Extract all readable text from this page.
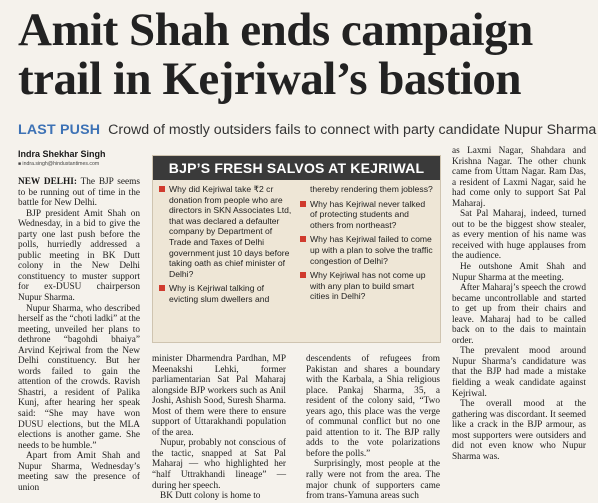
Amit Shah ends campaign trail in Kejriwal’s bastion
LAST PUSH Crowd of mostly outsiders fails to connect with party candidate Nupur Sharma
Indra Shekhar Singh
■ indra.singh@hindustantimes.com

NEW DELHI: The BJP seems to be running out of time in the battle for New Delhi.

BJP president Amit Shah on Wednesday, in a bid to give the party one last push before the polls, hurriedly addressed a public meeting in BK Dutt colony in the New Delhi constituency to muster support for ex-DUSU chairperson Nupur Sharma.

Nupur Sharma, who described herself as the “choti ladki” at the meeting, unveiled her plans to dethrone “bagohdi bhaiya” Arvind Kejriwal from the New Delhi constituency. But her words failed to gain the attention of the crowds. Ravish Shastri, a resident of Palika Kunj, after hearing her speak said: “She may have won DUSU elections, but the MLA elections is another game. She needs to be humble.”

Apart from Amit Shah and Nupur Sharma, Wednesday’s meeting saw the presence of union

BJP’S FRESH SALVOS AT KEJRIWAL
Why did Kejriwal take ₹2 cr donation from people who are directors in SKN Associates Ltd, that was declared a defaulter company by Department of Trade and Taxes of Delhi government just 10 days before taking oath as chief minister of Delhi?
Why is Kejriwal talking of evicting slum dwellers and
thereby rendering them jobless?
Why has Kejriwal never talked of protecting students and others from northeast?
Why has Kejriwal failed to come up with a plan to solve the traffic congestion of Delhi?
Why Kejriwal has not come up with any plan to build smart cities in Delhi?

minister Dharmendra Pardhan, MP Meenakshi Lehki, former parliamentarian Sat Pal Maharaj alongside BJP workers such as Anil Joshi, Ashish Sood, Suresh Sharma. Most of them were there to ensure support of Uttarakhandi population of the area.

Nupur, probably not conscious of the tactic, snapped at Sat Pal Maharaj — who highlighted her “half Uttrakhandi lineage” —during her speech.

BK Dutt colony is home to

descendents of refugees from Pakistan and shares a boundary with the Karbala, a Shia religious place. Pankaj Sharma, 35, a resident of the colony said, “Two years ago, this place was the verge of communal conflict but no one paid attention to it. The BJP rally adds to the vote polarizations before the polls.”

Surprisingly, most people at the rally were not from the area. The major chunk of supporters came from trans-Yamuna areas such

as Laxmi Nagar, Shahdara and Krishna Nagar. The other chunk came from Uttam Nagar. Ram Das, a resident of Laxmi Nagar, said he had come only to support Sat Pal Maharaj.

Sat Pal Maharaj, indeed, turned out to be the biggest show stealer, as every mention of his name was received with huge applauses from the audience.

He outshone Amit Shah and Nupur Sharma at the meeting.

After Maharaj’s speech the crowd became uncontrollable and started to get up from their chairs and leave. Maharaj had to be called back on to the dais to maintain order.

The prevalent mood around Nupur Sharma’s candidature was that the BJP had made a mistake fielding a weak candidate against Kejriwal.

The overall mood at the gathering was discordant. It seemed like a crack in the BJP armour, as most supporters were outsiders and did not even know who Nupur Sharma was.
